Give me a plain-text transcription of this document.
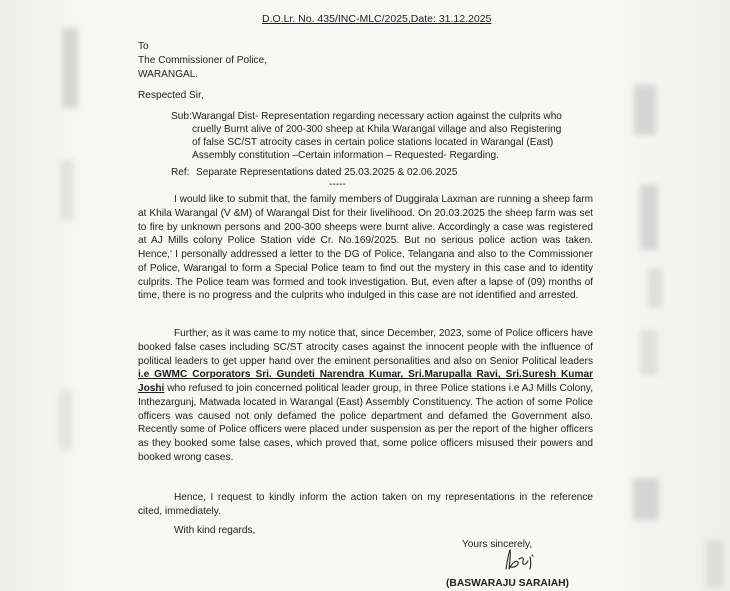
D.O.Lr. No. 435/INC-MLC/2025,Date: 31.12.2025
To
The Commissioner of Police,
WARANGAL.
Respected Sir,
Sub: Warangal Dist- Representation regarding necessary action against the culprits who
cruelly Burnt alive of 200-300 sheep at Khila Warangal village and also Registering
of false SC/ST atrocity cases in certain police stations located in Warangal (East)
Assembly constitution –Certain information – Requested- Regarding.
Ref: Separate Representations dated 25.03.2025 & 02.06.2025
-----
I would like to submit that, the family members of Duggirala Laxman are running a sheep farm at Khila Warangal (V &M) of Warangal Dist for their livelihood. On 20.03.2025 the sheep farm was set to fire by unknown persons and 200-300 sheeps were burnt alive. Accordingly a case was registered at AJ Mills colony Police Station vide Cr. No.169/2025. But no serious police action was taken. Hence,' I personally addressed a letter to the DG of Police, Telangana and also to the Commissioner of Police, Warangal to form a Special Police team to find out the mystery in this case and to identity culprits. The Police team was formed and took investigation. But, even after a lapse of (09) months of time, there is no progress and the culprits who indulged in this case are not identified and arrested.
Further, as it was came to my notice that, since December, 2023, some of Police officers have booked false cases including SC/ST atrocity cases against the innocent people with the influence of political leaders to get upper hand over the eminent personalities and also on Senior Political leaders i.e GWMC Corporators Sri. Gundeti Narendra Kumar, Sri.Marupalla Ravi, Sri.Suresh Kumar Joshi who refused to join concerned political leader group, in three Police stations i.e AJ Mills Colony, Inthezargunj, Matwada located in Warangal (East) Assembly Constituency. The action of some Police officers was caused not only defamed the police department and defamed the Government also. Recently some of Police officers were placed under suspension as per the report of the higher officers as they booked some false cases, which proved that, some police officers misused their powers and booked wrong cases.
Hence, I request to kindly inform the action taken on my representations in the reference cited, immediately.
With kind regards,
Yours sincerely,
(BASWARAJU SARAIAH)
